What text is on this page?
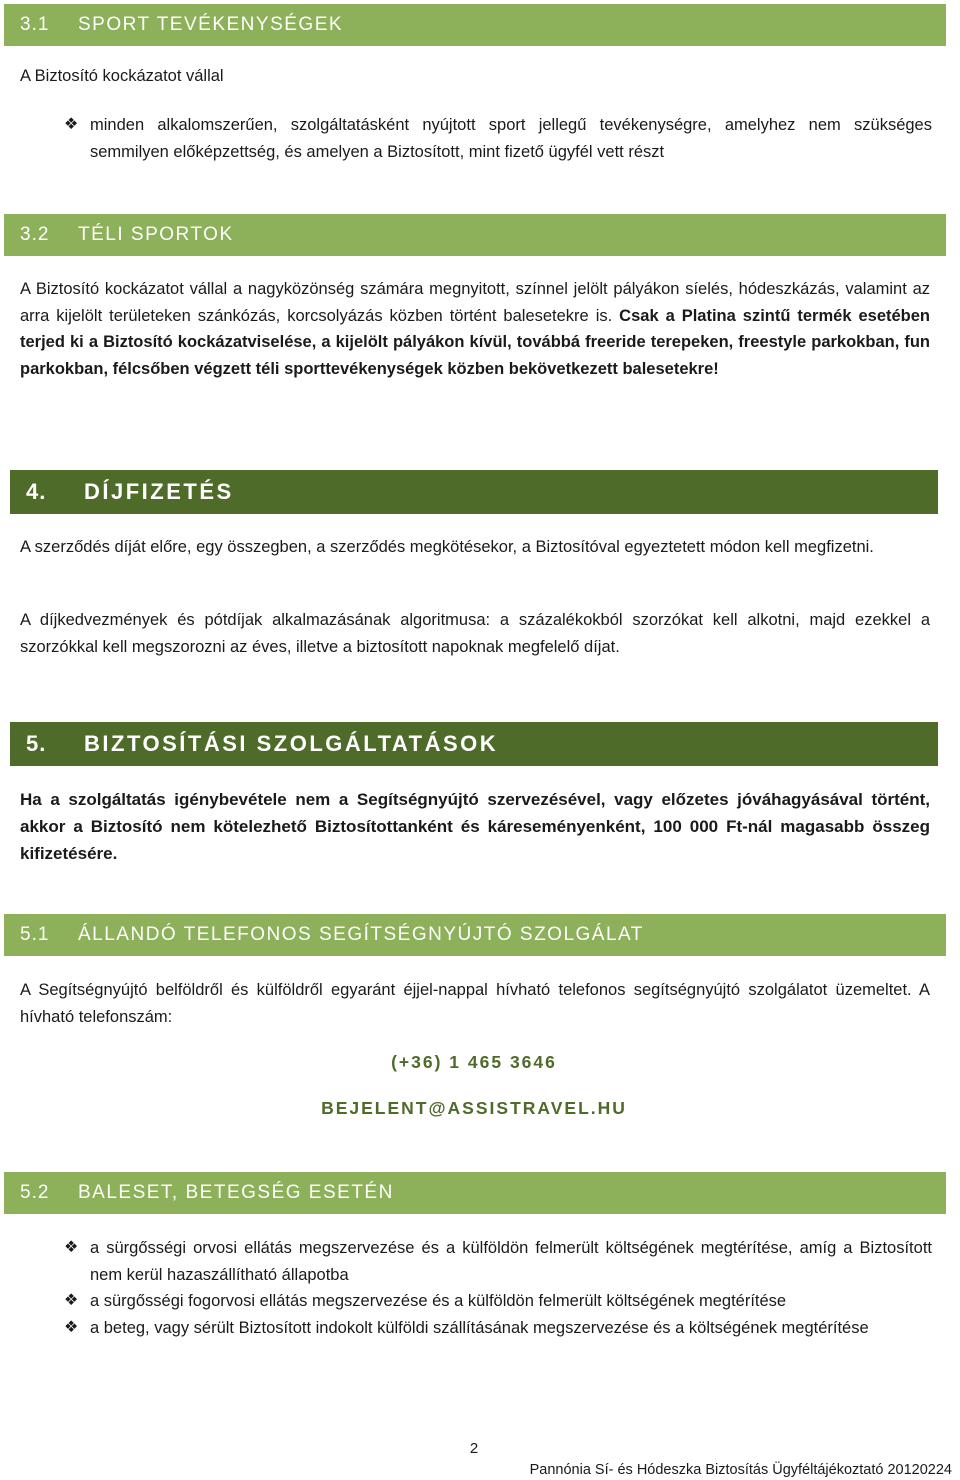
3.1	SPORT TEVÉKENYSÉGEK
A Biztosító kockázatot vállal
❖ minden alkalomszerűen, szolgáltatásként nyújtott sport jellegű tevékenységre, amelyhez nem szükséges semmilyen előképzettség, és amelyen a Biztosított, mint fizető ügyfél vett részt
3.2	TÉLI SPORTOK
A Biztosító kockázatot vállal a nagyközönség számára megnyitott, színnel jelölt pályákon síelés, hódeszkázás, valamint az arra kijelölt területeken szánkózás, korcsolyázás közben történt balesetekre is. Csak a Platina szintű termék esetében terjed ki a Biztosító kockázatviselése, a kijelölt pályákon kívül, továbbá freeride terepeken, freestyle parkokban, fun parkokban, félcsőben végzett téli sporttevékenységek közben bekövetkezett balesetekre!
4.	DÍJFIZETÉS
A szerződés díját előre, egy összegben, a szerződés megkötésekor, a Biztosítóval egyeztetett módon kell megfizetni.
A díjkedvezmények és pótdíjak alkalmazásának algoritmusa: a százalékokból szorzókat kell alkotni, majd ezekkel a szorzókkal kell megszorozni az éves, illetve a biztosított napoknak megfelelő díjat.
5.	BIZTOSÍTÁSI SZOLGÁLTATÁSOK
Ha a szolgáltatás igénybevétele nem a Segítségnyújtó szervezésével, vagy előzetes jóváhagyásával történt, akkor a Biztosító nem kötelezhető Biztosítottanként és káreseményenként, 100 000 Ft-nál magasabb összeg kifizetésére.
5.1	ÁLLANDÓ TELEFONOS SEGÍTSÉGNYÚJTÓ SZOLGÁLAT
A Segítségnyújtó belföldről és külföldről egyaránt éjjel-nappal hívható telefonos segítségnyújtó szolgálatot üzemeltet. A hívható telefonszám:
(+36) 1 465 3646
BEJELENT@ASSISTRAVEL.HU
5.2	BALESET, BETEGSÉG ESETÉN
❖ a sürgősségi orvosi ellátás megszervezése és a külföldön felmerült költségének megtérítése, amíg a Biztosított nem kerül hazaszállítható állapotba
❖ a sürgősségi fogorvosi ellátás megszervezése és a külföldön felmerült költségének megtérítése
❖ a beteg, vagy sérült Biztosított indokolt külföldi szállításának megszervezése és a költségének megtérítése
2
Pannónia Sí- és Hódeszka Biztosítás Ügyféltájékoztató 20120224
